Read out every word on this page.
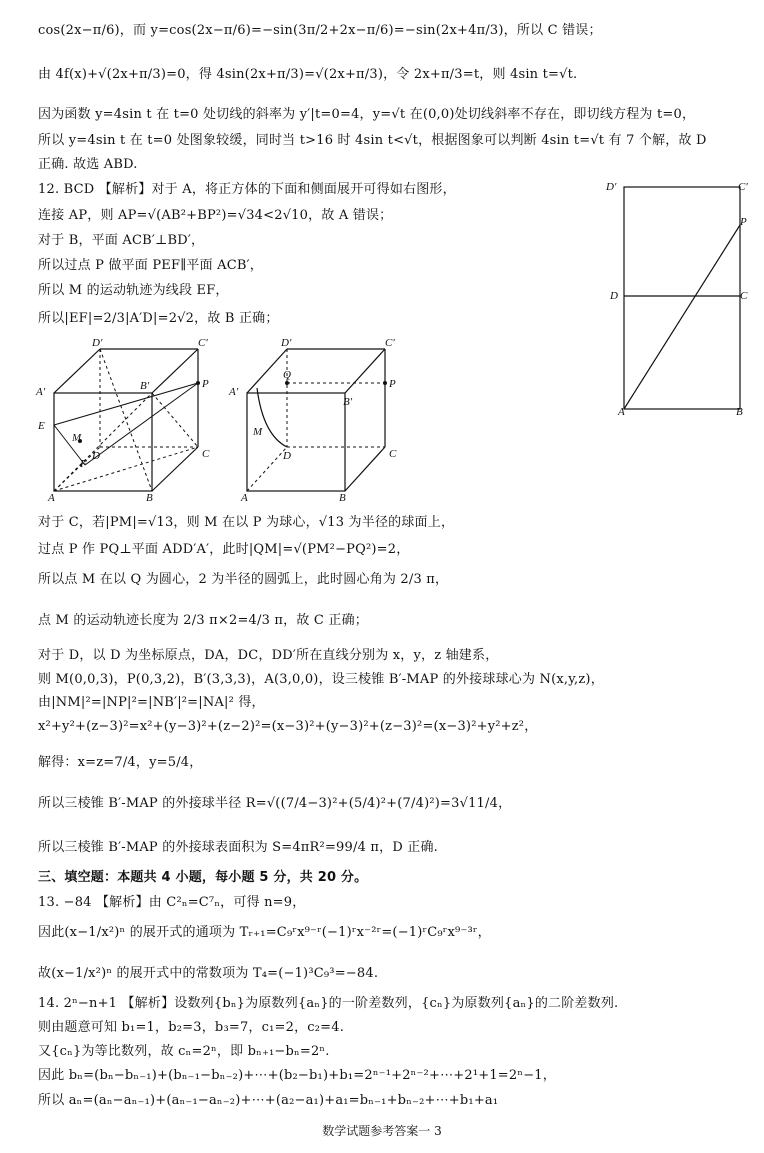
cos(2x−π/6)，而 y=cos(2x−π/6)=−sin(3π/2+2x−π/6)=−sin(2x+4π/3)，所以 C 错误；
由 4f(x)+√(2x+π/3)=0，得 4sin(2x+π/3)=√(2x+π/3)，令 2x+π/3=t，则 4sin t=√t.
因为函数 y=4sin t 在 t=0 处切线的斜率为 y′|t=0=4，y=√t 在(0,0)处切线斜率不存在，即切线方程为 t=0，
所以 y=4sin t 在 t=0 处图象较缓，同时当 t>16 时 4sin t<√t，根据图象可以判断 4sin t=√t 有 7 个解，故 D
正确. 故选 ABD.
12. BCD 【解析】对于 A，将正方体的下面和侧面展开可得如右图形，
连接 AP，则 AP=√(AB²+BP²)=√34<2√10，故 A 错误；
对于 B，平面 ACB′⊥BD′，
所以过点 P 做平面 PEF∥平面 ACB′，
所以 M 的运动轨迹为线段 EF，
所以|EF|=2/3|A′D|=2√2，故 B 正确；
对于 C，若|PM|=√13，则 M 在以 P 为球心，√13 为半径的球面上，
过点 P 作 PQ⊥平面 ADD′A′，此时|QM|=√(PM²−PQ²)=2，
所以点 M 在以 Q 为圆心，2 为半径的圆弧上，此时圆心角为 2/3 π，
点 M 的运动轨迹长度为 2/3 π×2=4/3 π，故 C 正确；
对于 D，以 D 为坐标原点，DA，DC，DD′所在直线分别为 x，y，z 轴建系，
则 M(0,0,3)，P(0,3,2)，B′(3,3,3)，A(3,0,0)，设三棱锥 B′-MAP 的外接球球心为 N(x,y,z)，
由|NM|²=|NP|²=|NB′|²=|NA|² 得，
x²+y²+(z−3)²=x²+(y−3)²+(z−2)²=(x−3)²+(y−3)²+(z−3)²=(x−3)²+y²+z²，
解得：x=z=7/4，y=5/4，
所以三棱锥 B′-MAP 的外接球半径 R=√((7/4−3)²+(5/4)²+(7/4)²)=3√11/4，
所以三棱锥 B′-MAP 的外接球表面积为 S=4πR²=99/4 π，D 正确.
三、填空题：本题共 4 小题，每小题 5 分，共 20 分。
13. −84 【解析】由 C²ₙ=C⁷ₙ，可得 n=9，
因此(x−1/x²)ⁿ 的展开式的通项为 Tᵣ₊₁=C₉ʳx⁹⁻ʳ(−1)ʳx⁻²ʳ=(−1)ʳC₉ʳx⁹⁻³ʳ，
故(x−1/x²)ⁿ 的展开式中的常数项为 T₄=(−1)³C₉³=−84.
14. 2ⁿ−n+1 【解析】设数列{bₙ}为原数列{aₙ}的一阶差数列，{cₙ}为原数列{aₙ}的二阶差数列.
则由题意可知 b₁=1，b₂=3，b₃=7，c₁=2，c₂=4.
又{cₙ}为等比数列，故 cₙ=2ⁿ，即 bₙ₊₁−bₙ=2ⁿ.
因此 bₙ=(bₙ−bₙ₋₁)+(bₙ₋₁−bₙ₋₂)+⋯+(b₂−b₁)+b₁=2ⁿ⁻¹+2ⁿ⁻²+⋯+2¹+1=2ⁿ−1，
所以 aₙ=(aₙ−aₙ₋₁)+(aₙ₋₁−aₙ₋₂)+⋯+(a₂−a₁)+a₁=bₙ₋₁+bₙ₋₂+⋯+b₁+a₁
D′	C′
P
D	C
A	B
D′	C′
A′	B′	P
E
M
F
D	C
A	B
D′	C′
A′
Q
B′
P
M
D	C
A	B
数学试题参考答案一 3
